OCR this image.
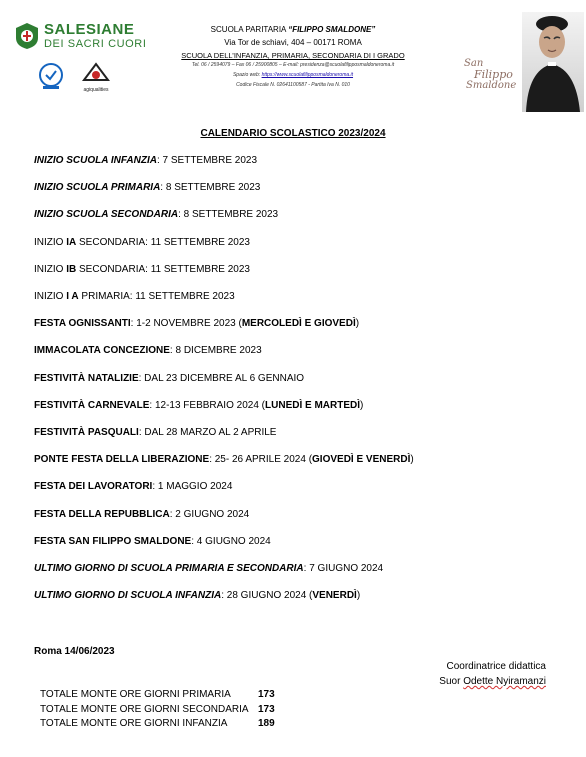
SALESIANE
DEI SACRI CUORI
agiqualities
SCUOLA PARITARIA “FILIPPO SMALDONE”
Via Tor de schiavi, 404 – 00171 ROMA
SCUOLA DELL’INFANZIA, PRIMARIA, SECONDARIA DI I GRADO
Tel. 06 / 2594079 – Fax 06 / 25900805 – E-mail: presidenza@scuolafilipposmaldoneroma.it
Spazio web: https://www.scuolafilipposmaldoneroma.it
Codice Fiscale N. 02641100587 - Partita Iva N. 010
San
Filippo
Smaldone
CALENDARIO SCOLASTICO 2023/2024
INIZIO SCUOLA INFANZIA: 7 SETTEMBRE 2023
INIZIO SCUOLA PRIMARIA: 8 SETTEMBRE 2023
INIZIO SCUOLA SECONDARIA: 8 SETTEMBRE 2023
INIZIO IA SECONDARIA: 11 SETTEMBRE 2023
INIZIO IB SECONDARIA: 11 SETTEMBRE 2023
INIZIO I A PRIMARIA: 11 SETTEMBRE 2023
FESTA OGNISSANTI: 1-2 NOVEMBRE 2023 (MERCOLEDÌ E GIOVEDÌ)
IMMACOLATA CONCEZIONE: 8 DICEMBRE 2023
FESTIVITÀ NATALIZIE: DAL 23 DICEMBRE AL 6 GENNAIO
FESTIVITÀ CARNEVALE: 12-13 FEBBRAIO 2024 (LUNEDÌ E MARTEDÌ)
FESTIVITÀ PASQUALI: DAL 28 MARZO AL 2 APRILE
PONTE FESTA DELLA LIBERAZIONE: 25- 26 APRILE 2024 (GIOVEDÌ E VENERDÌ)
FESTA DEI LAVORATORI: 1 MAGGIO 2024
FESTA DELLA REPUBBLICA: 2 GIUGNO 2024
FESTA SAN FILIPPO SMALDONE: 4 GIUGNO 2024
ULTIMO GIORNO DI SCUOLA PRIMARIA E SECONDARIA: 7 GIUGNO 2024
ULTIMO GIORNO DI SCUOLA INFANZIA: 28 GIUGNO 2024 (VENERDÌ)
Roma 14/06/2023
Coordinatrice didattica
Suor Odette Nyiramanzi
TOTALE MONTE ORE GIORNI PRIMARIA	173
TOTALE MONTE ORE GIORNI SECONDARIA 173
TOTALE MONTE ORE GIORNI INFANZIA	189
